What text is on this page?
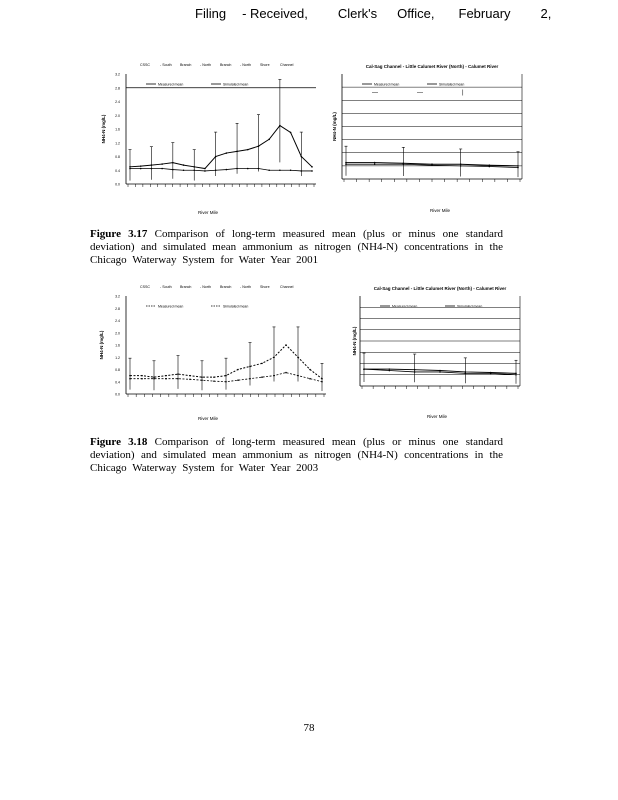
Filing - Received, Clerk's Office, February 2,
3.2
2.8
2.4
2.0
1.6
1.2
0.8
0.4
0.0
NH4-N (mg/L)
River Mile
CSSC	- South Branch - North	Branch - North	Shore	Channel
Measured mean	Simulated mean
NH4-N (mg/L)
River Mile
Cal-Sag Channel - Little Calumet River (North) - Calumet River
Measured mean	Simulated mean
—	—	|
Figure 3.17 Comparison of long-term measured mean (plus or minus one standard deviation) and simulated mean ammonium as nitrogen (NH4-N) concentrations in the Chicago Waterway System for Water Year 2001
3.2
2.8
2.4
2.0
1.6
1.2
0.8
0.4
0.0
NH4-N (mg/L)
River Mile
CSSC	- South Branch - North	Branch - North	Shore	Channel
Measured mean	Simulated mean
NH4-N (mg/L)
River Mile
Cal-Sag Channel - Little Calumet River (North) - Calumet River
Measured mean	Simulated mean
Figure 3.18 Comparison of long-term measured mean (plus or minus one standard deviation) and simulated mean ammonium as nitrogen (NH4-N) concentrations in the Chicago Waterway System for Water Year 2003
78
